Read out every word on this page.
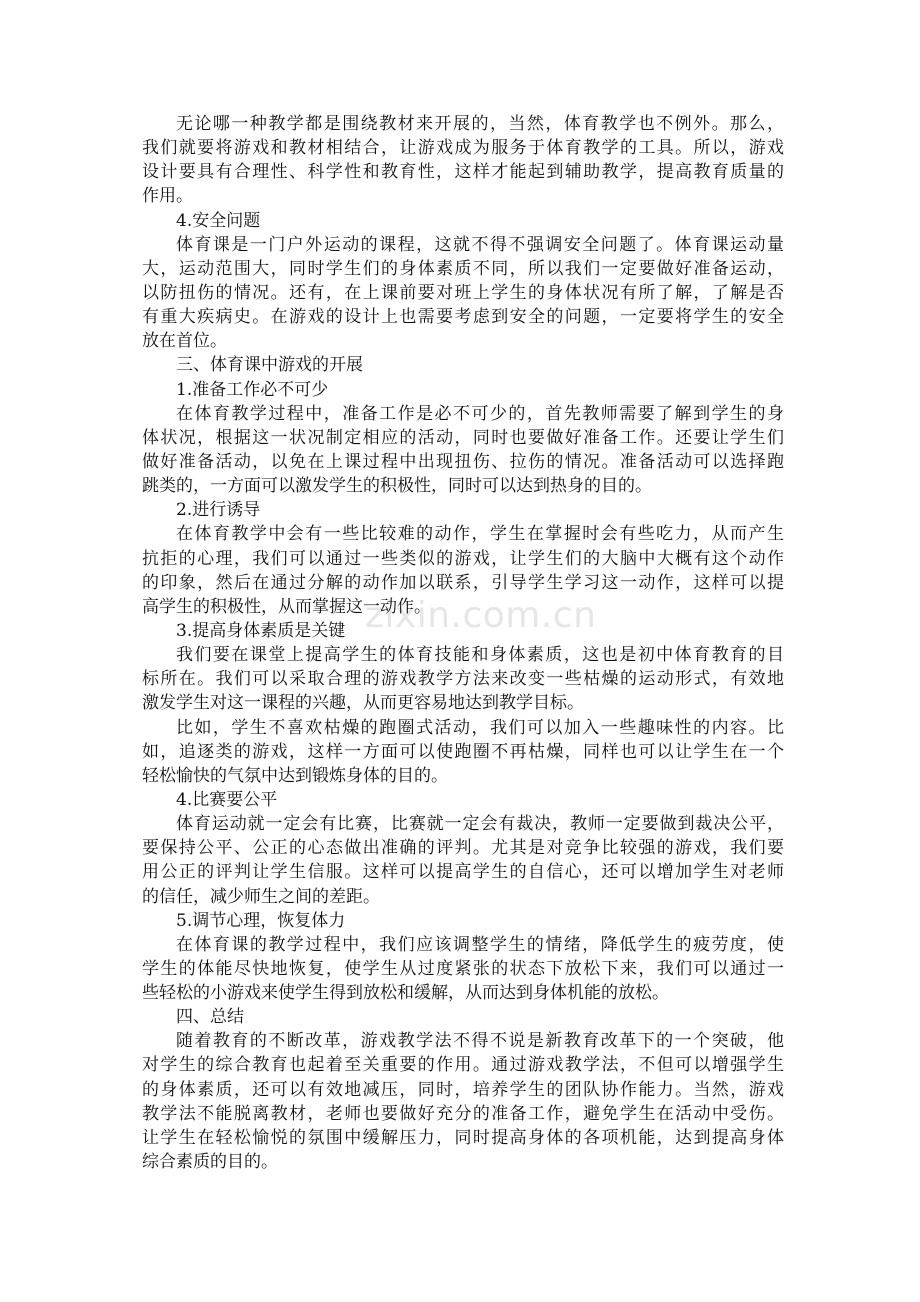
zixin.com.cn
无论哪一种教学都是围绕教材来开展的，当然，体育教学也不例外。那么，
我们就要将游戏和教材相结合，让游戏成为服务于体育教学的工具。所以，游戏
设计要具有合理性、科学性和教育性，这样才能起到辅助教学，提高教育质量的
作用。
4.安全问题
体育课是一门户外运动的课程，这就不得不强调安全问题了。体育课运动量
大，运动范围大，同时学生们的身体素质不同，所以我们一定要做好准备运动，
以防扭伤的情况。还有，在上课前要对班上学生的身体状况有所了解，了解是否
有重大疾病史。在游戏的设计上也需要考虑到安全的问题，一定要将学生的安全
放在首位。
三、体育课中游戏的开展
1.准备工作必不可少
在体育教学过程中，准备工作是必不可少的，首先教师需要了解到学生的身
体状况，根据这一状况制定相应的活动，同时也要做好准备工作。还要让学生们
做好准备活动，以免在上课过程中出现扭伤、拉伤的情况。准备活动可以选择跑
跳类的，一方面可以激发学生的积极性，同时可以达到热身的目的。
2.进行诱导
在体育教学中会有一些比较难的动作，学生在掌握时会有些吃力，从而产生
抗拒的心理，我们可以通过一些类似的游戏，让学生们的大脑中大概有这个动作
的印象，然后在通过分解的动作加以联系，引导学生学习这一动作，这样可以提
高学生的积极性，从而掌握这一动作。
3.提高身体素质是关键
我们要在课堂上提高学生的体育技能和身体素质，这也是初中体育教育的目
标所在。我们可以采取合理的游戏教学方法来改变一些枯燥的运动形式，有效地
激发学生对这一课程的兴趣，从而更容易地达到教学目标。
比如，学生不喜欢枯燥的跑圈式活动，我们可以加入一些趣味性的内容。比
如，追逐类的游戏，这样一方面可以使跑圈不再枯燥，同样也可以让学生在一个
轻松愉快的气氛中达到锻炼身体的目的。
4.比赛要公平
体育运动就一定会有比赛，比赛就一定会有裁决，教师一定要做到裁决公平，
要保持公平、公正的心态做出准确的评判。尤其是对竞争比较强的游戏，我们要
用公正的评判让学生信服。这样可以提高学生的自信心，还可以增加学生对老师
的信任，减少师生之间的差距。
5.调节心理，恢复体力
在体育课的教学过程中，我们应该调整学生的情绪，降低学生的疲劳度，使
学生的体能尽快地恢复，使学生从过度紧张的状态下放松下来，我们可以通过一
些轻松的小游戏来使学生得到放松和缓解，从而达到身体机能的放松。
四、总结
随着教育的不断改革，游戏教学法不得不说是新教育改革下的一个突破，他
对学生的综合教育也起着至关重要的作用。通过游戏教学法，不但可以增强学生
的身体素质，还可以有效地减压，同时，培养学生的团队协作能力。当然，游戏
教学法不能脱离教材，老师也要做好充分的准备工作，避免学生在活动中受伤。
让学生在轻松愉悦的氛围中缓解压力，同时提高身体的各项机能，达到提高身体
综合素质的目的。
